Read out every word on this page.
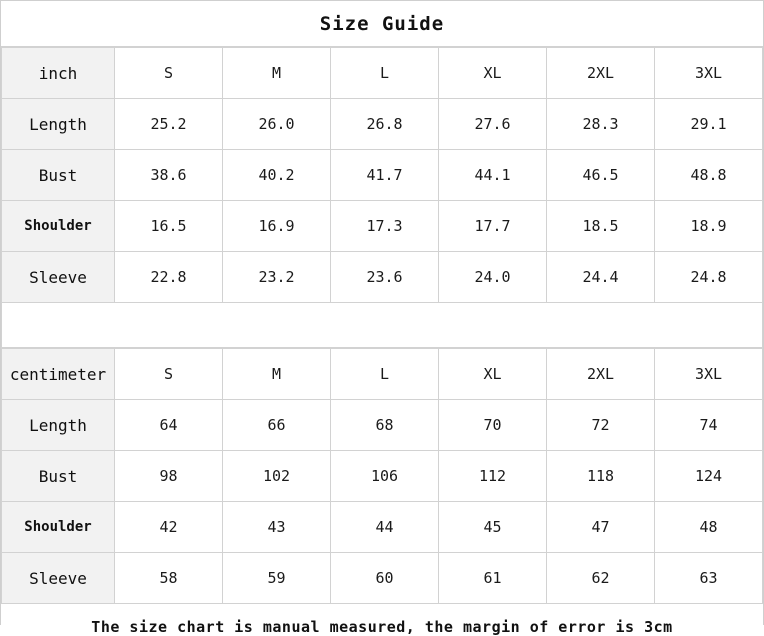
Size Guide
inch	S	M	L	XL	2XL	3XL
Length	25.2	26.0	26.8	27.6	28.3	29.1
Bust	38.6	40.2	41.7	44.1	46.5	48.8
Shoulder	16.5	16.9	17.3	17.7	18.5	18.9
Sleeve	22.8	23.2	23.6	24.0	24.4	24.8
centimeter	S	M	L	XL	2XL	3XL
Length	64	66	68	70	72	74
Bust	98	102	106	112	118	124
Shoulder	42	43	44	45	47	48
Sleeve	58	59	60	61	62	63
The size chart is manual measured, the margin of error is 3cm
